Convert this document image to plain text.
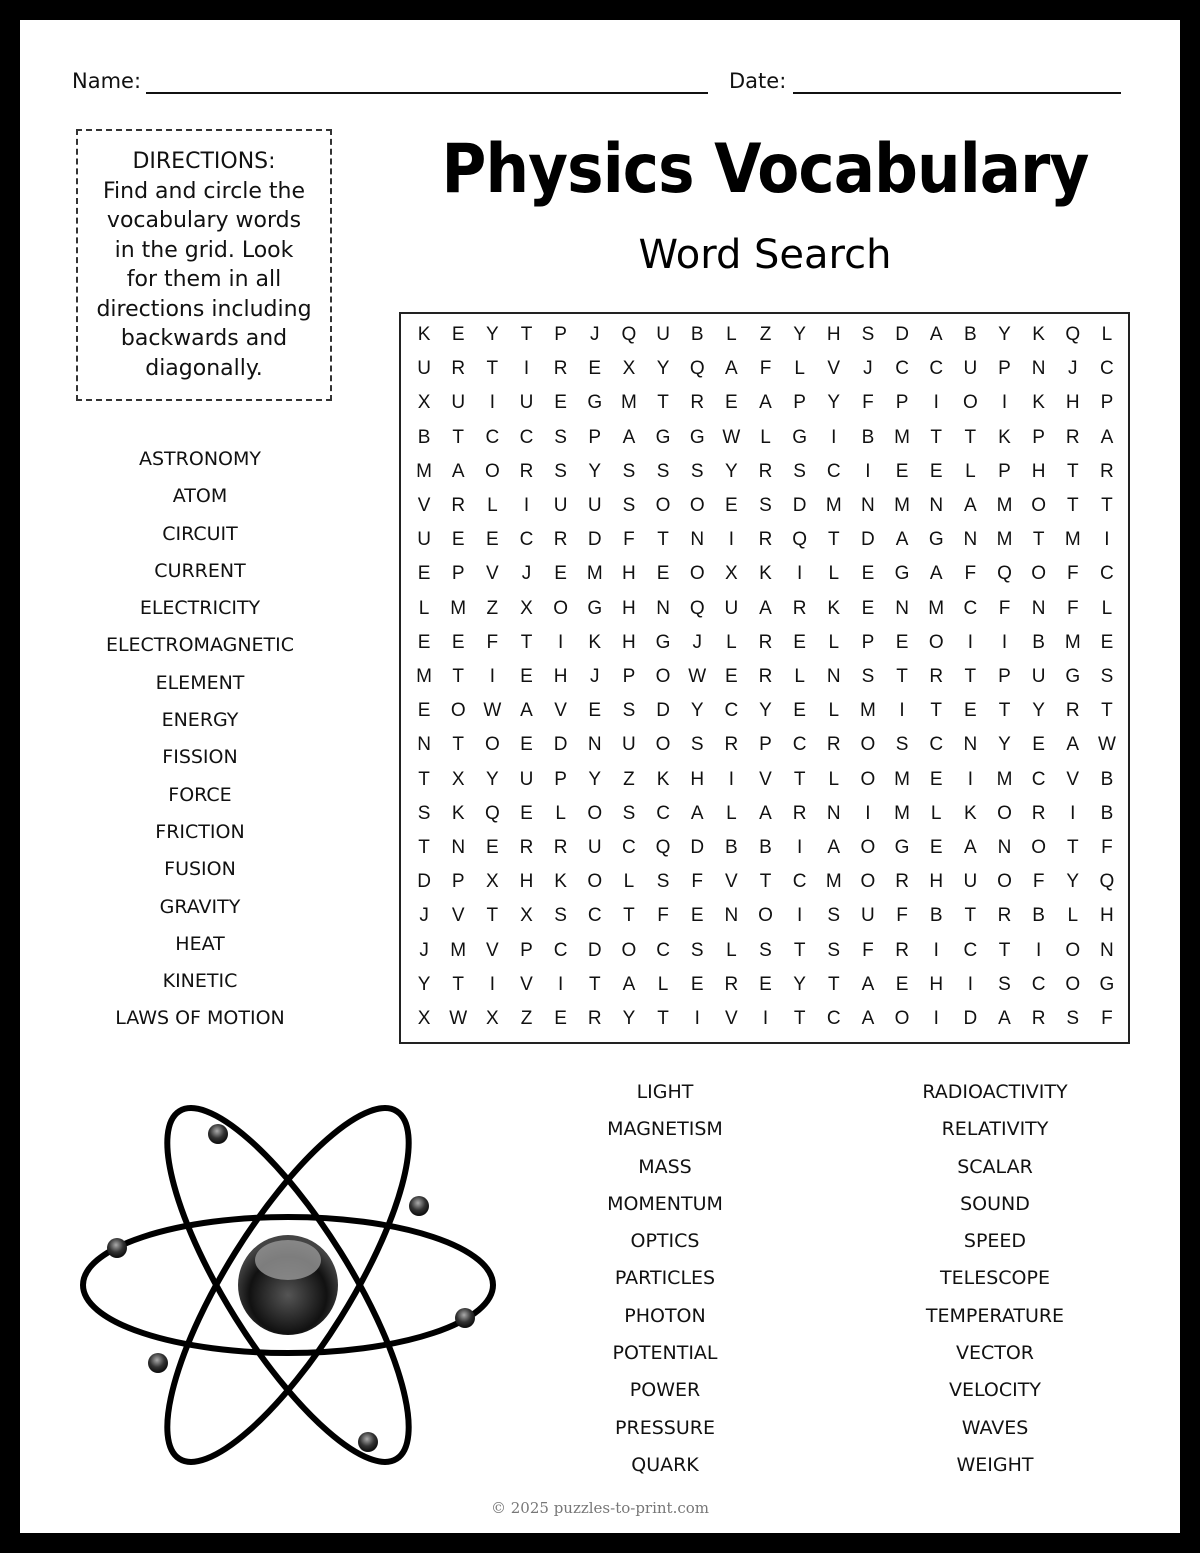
Name:	Date:
DIRECTIONS:
Find and circle the
vocabulary words
in the grid. Look
for them in all
directions including
backwards and
diagonally.
Physics Vocabulary
Word Search
K	E	Y	T	P	J	Q	U	B	L	Z	Y	H	S	D	A	B	Y	K	Q	L
U	R	T	I	R	E	X	Y	Q	A	F	L	V	J	C	C	U	P	N	J	C
X	U	I	U	E	G M	T	R	E	A	P	Y	F	P	I	O	I	K	H	P
B	T	C	C	S	P	A	G	G W	L	G	I	B	M	T	T	K	P	R	A
M	A	O	R	S	Y	S	S	S	Y	R	S	C	I	E	E	L	P	H	T	R
V	R	L	I	U	U	S	O	O	E	S	D	M	N	M	N	A	M O	T	T
U	E	E	C	R	D	F	T	N	I	R	Q	T	D	A	G	N	M	T	M	I
E	P	V	J	E	M	H	E	O	X	K	I	L	E	G	A	F	Q	O	F	C
L	M	Z	X	O	G	H	N	Q	U	A	R	K	E	N	M	C	F	N	F	L
E	E	F	T	I	K	H	G	J	L	R	E	L	P	E	O	I	I	B	M	E
M	T	I	E	H	J	P	O W E	R	L	N	S	T	R	T	P	U	G	S
E	O W A	V	E	S	D	Y	C	Y	E	L	M	I	T	E	T	Y	R	T
N	T	O	E	D	N	U	O	S	R	P	C	R	O	S	C	N	Y	E	A W
T	X	Y	U	P	Y	Z	K	H	I	V	T	L	O M	E	I	M	C	V	B
S	K	Q	E	L	O	S	C	A	L	A	R	N	I	M	L	K	O	R	I	B
T	N	E	R	R	U	C	Q	D	B	B	I	A	O	G	E	A	N	O	T	F
D	P	X	H	K	O	L	S	F	V	T	C	M O	R	H	U	O	F	Y	Q
J	V	T	X	S	C	T	F	E	N	O	I	S	U	F	B	T	R	B	L	H
J	M	V	P	C	D	O	C	S	L	S	T	S	F	R	I	C	T	I	O	N
Y	T	I	V	I	T	A	L	E	R	E	Y	T	A	E	H	I	S	C	O	G
X W X	Z	E	R	Y	T	I	V	I	T	C	A	O	I	D	A	R	S	F
ASTRONOMY
ATOM
CIRCUIT
CURRENT
ELECTRICITY
ELECTROMAGNETIC
ELEMENT
ENERGY
FISSION
FORCE
FRICTION
FUSION
GRAVITY
HEAT
KINETIC
LAWS OF MOTION
LIGHT
MAGNETISM
MASS
MOMENTUM
OPTICS
PARTICLES
PHOTON
POTENTIAL
POWER
PRESSURE
QUARK
RADIOACTIVITY
RELATIVITY
SCALAR
SOUND
SPEED
TELESCOPE
TEMPERATURE
VECTOR
VELOCITY
WAVES
WEIGHT
© 2025 puzzles-to-print.com
